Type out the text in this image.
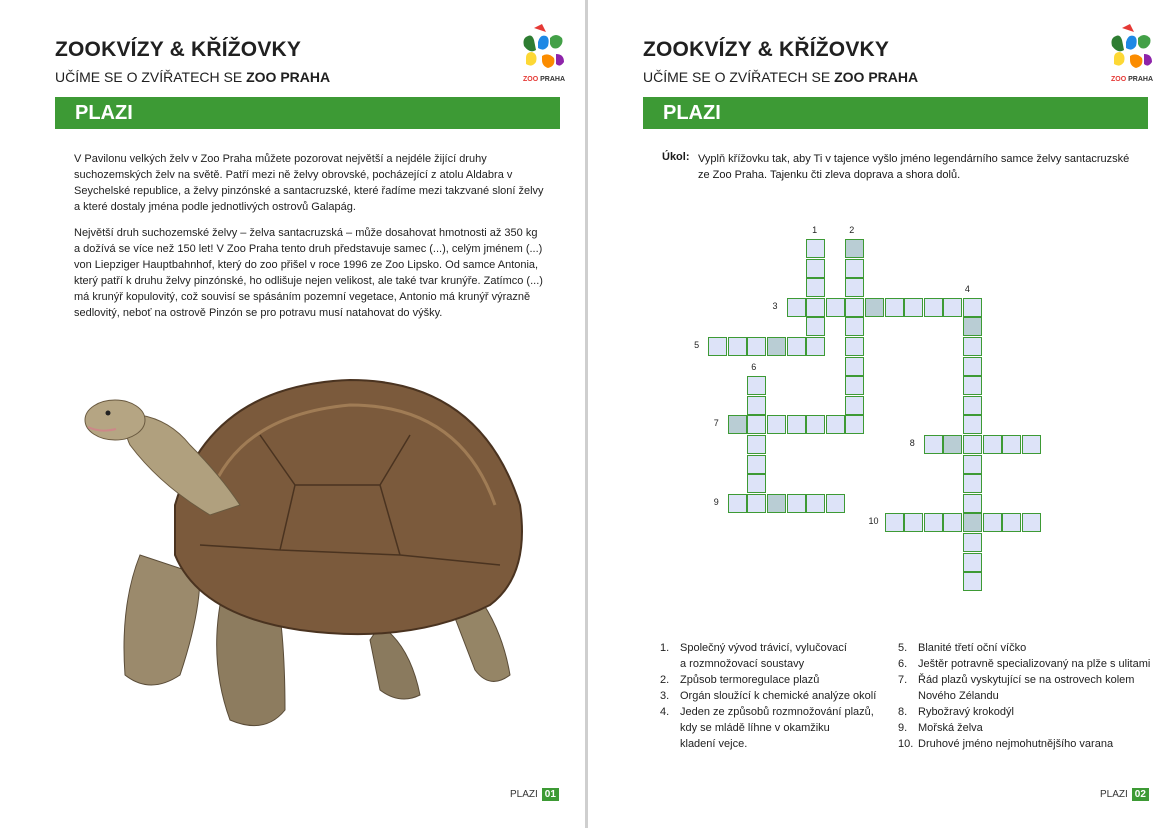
ZOOKVÍZY & KŘÍŽOVKY
UČÍME SE O ZVÍŘATECH SE ZOO PRAHA	ZOO PRAHA
PLAZI

V Pavilonu velkých želv v Zoo Praha můžete pozorovat největší a nejdéle žijící druhy suchozemských želv na světě. Patří mezi ně želvy obrovské, pocházející z atolu Aldabra v Seychelské republice, a želvy pinzónské a santacruzské, které řadíme mezi takzvané sloní želvy a které dostaly jména podle jednotlivých ostrovů Galapág.

Největší druh suchozemské želvy – želva santacruzská – může dosahovat hmotnosti až 350 kg a dožívá se více než 150 let! V Zoo Praha tento druh představuje samec (...), celým jménem (...) von Liepziger Hauptbahnhof, který do zoo přišel v roce 1996 ze Zoo Lipsko. Od samce Antonia, který patří k druhu želvy pinzónské, ho odlišuje nejen velikost, ale také tvar krunýře. Zatímco (...) má krunýř kopulovitý, což souvisí se spásáním pozemní vegetace, Antonio má krunýř výrazně sedlovitý, neboť na ostrově Pinzón se pro potravu musí natahovat do výšky.

PLAZI 01
ZOOKVÍZY & KŘÍŽOVKY
UČÍME SE O ZVÍŘATECH SE ZOO PRAHA	ZOO PRAHA
PLAZI
Úkol: Vyplň křížovku tak, aby Ti v tajence vyšlo jméno legendárního samce želvy santacruzské ze Zoo Praha. Tajenku čti zleva doprava a shora dolů.
1	2
3
4
5
6
7
8
9
10
1. Společný vývod trávicí, vylučovací
a rozmnožovací soustavy
2. Způsob termoregulace plazů
3. Orgán sloužící k chemické analýze okolí
4. Jeden ze způsobů rozmnožování plazů,
kdy se mládě líhne v okamžiku
kladení vejce.
5. Blanité třetí oční víčko
6. Ještěr potravně specializovaný na plže s ulitami
7. Řád plazů vyskytující se na ostrovech kolem
Nového Zélandu
8. Rybožravý krokodýl
9. Mořská želva
10. Druhové jméno nejmohutnějšího varana
PLAZI 02
